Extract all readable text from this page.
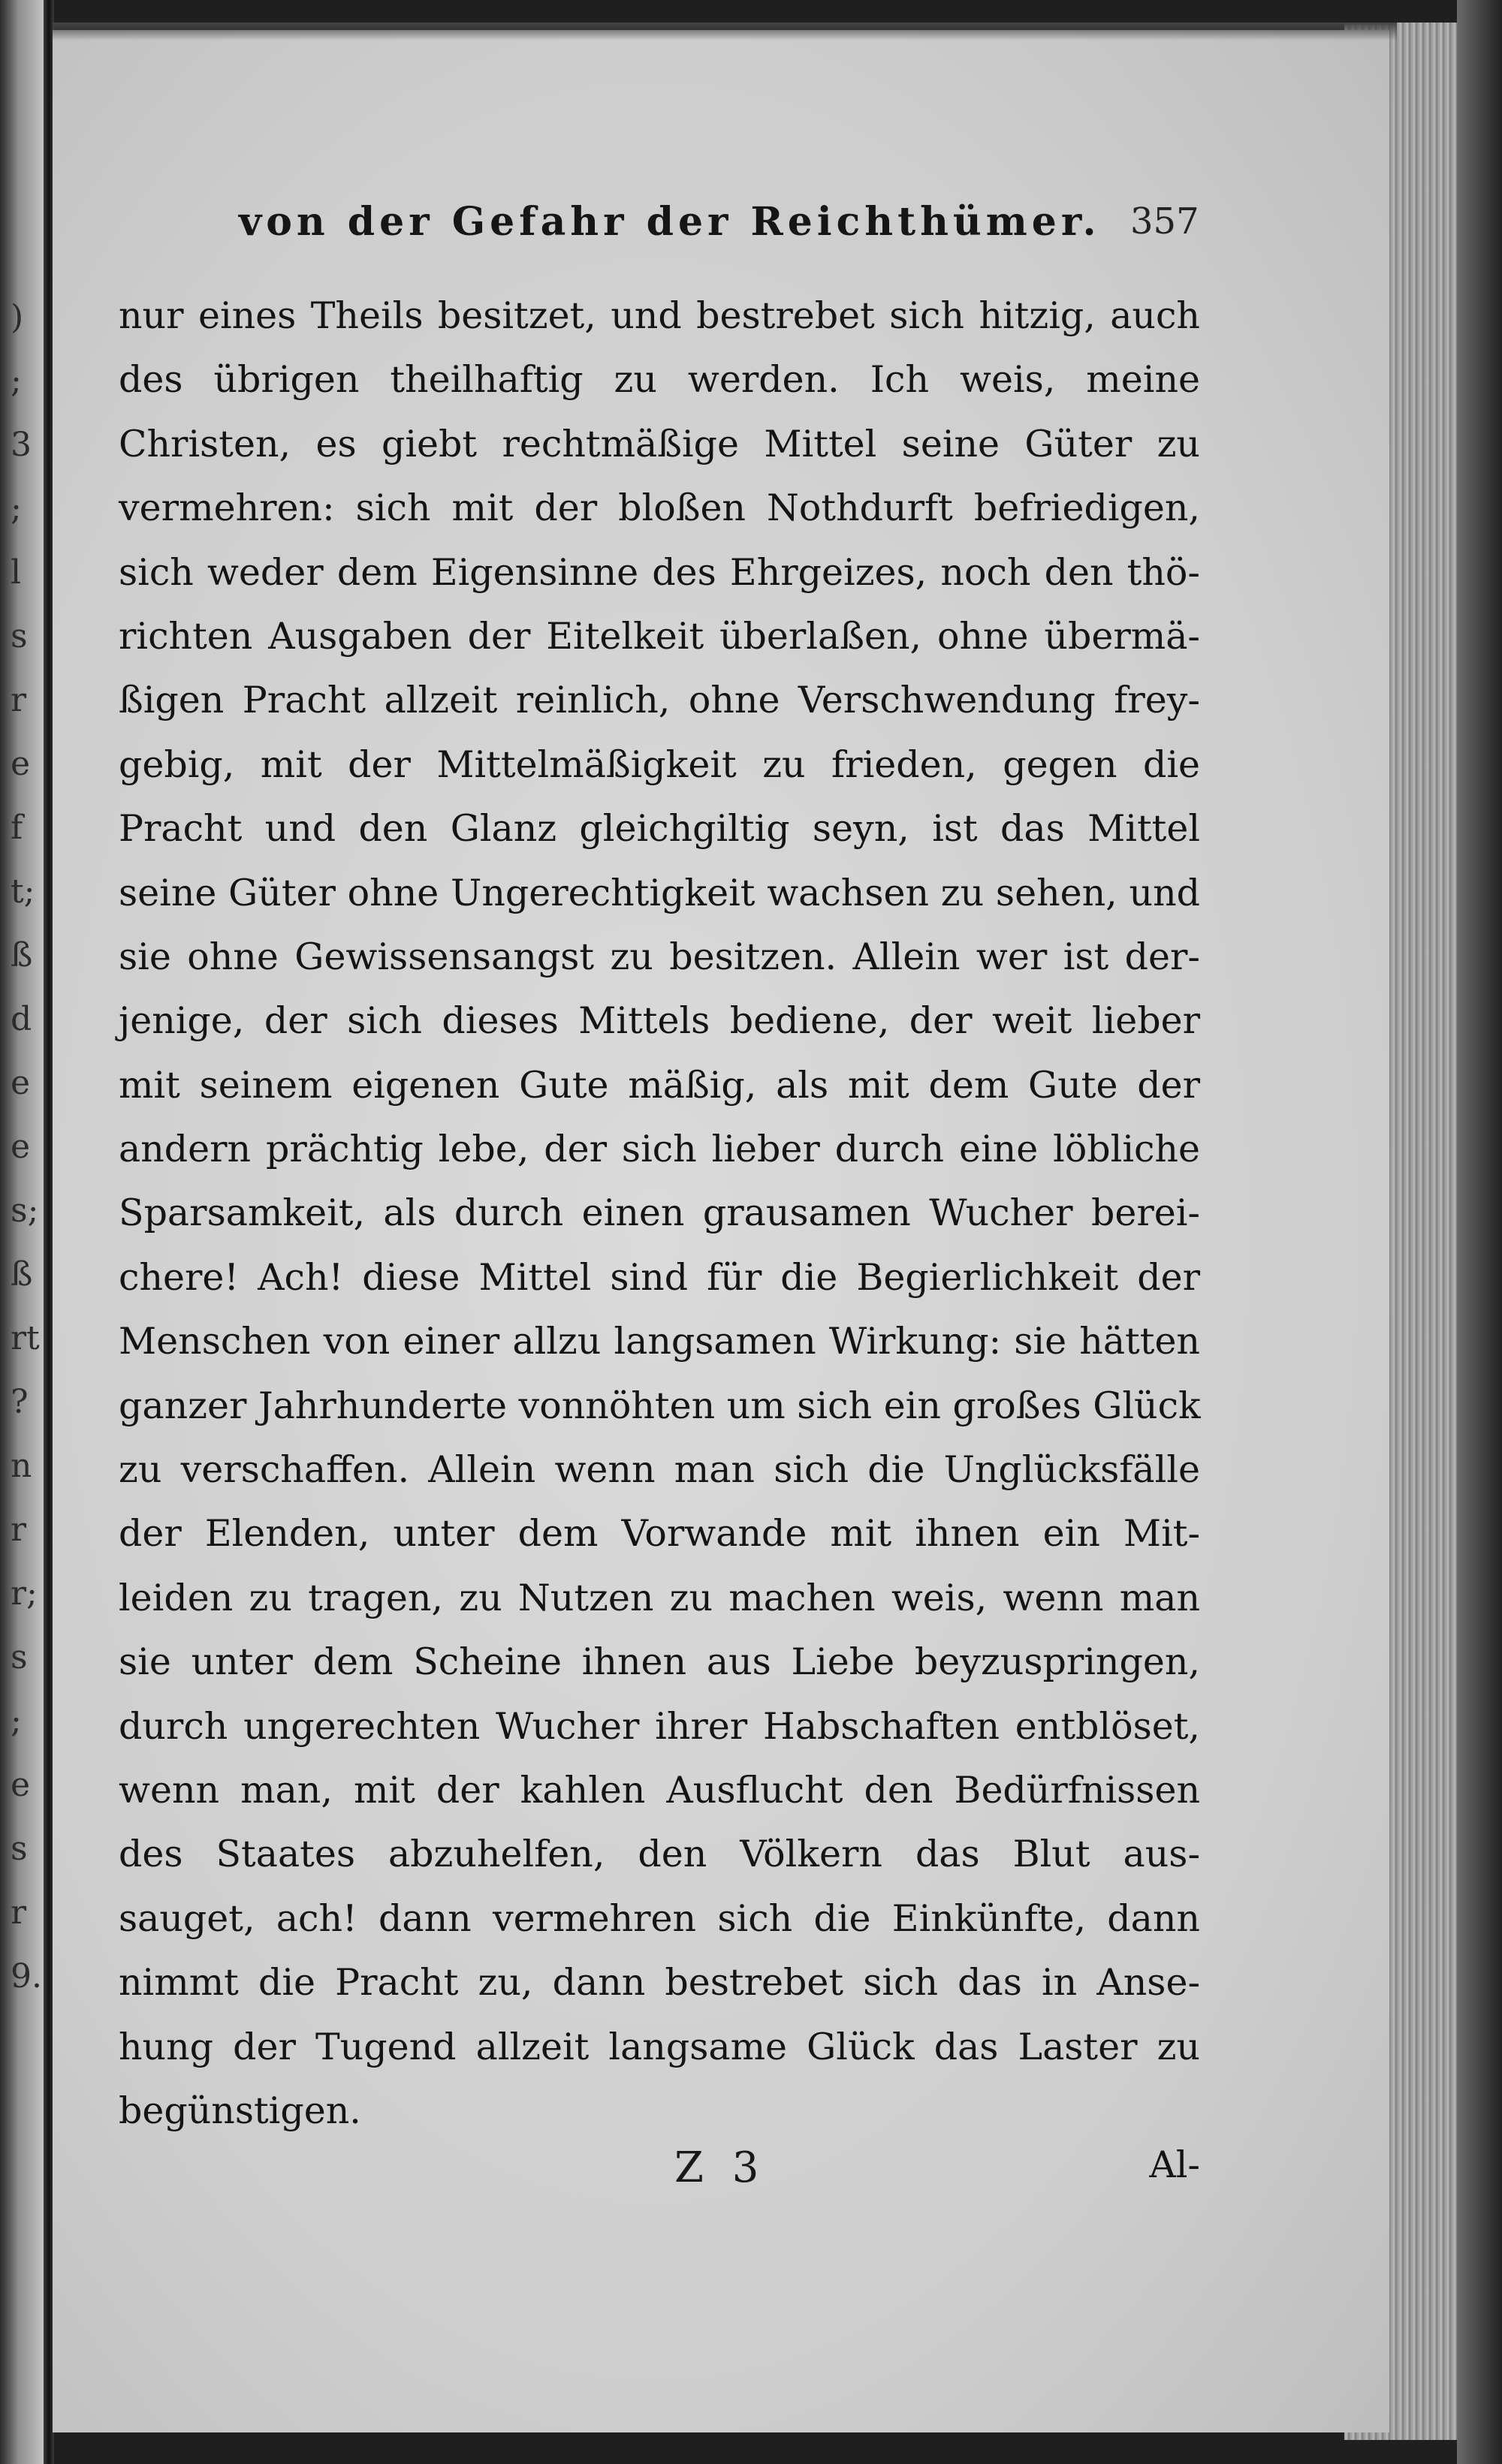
)
;
3
;
l
s
r
e
f
t;
ß
d
e
e
s;
ß
rt
?
n
r
r;
s
;
e
s
r
9.
von der Gefahr der Reichthümer. 357
nur eines Theils besitzet, und bestrebet sich hitzig, auch
des übrigen theilhaftig zu werden. Ich weis, meine
Christen, es giebt rechtmäßige Mittel seine Güter zu
vermehren: sich mit der bloßen Nothdurft befriedigen,
sich weder dem Eigensinne des Ehrgeizes, noch den thö-
richten Ausgaben der Eitelkeit überlaßen, ohne übermä-
ßigen Pracht allzeit reinlich, ohne Verschwendung frey-
gebig, mit der Mittelmäßigkeit zu frieden, gegen die
Pracht und den Glanz gleichgiltig seyn, ist das Mittel
seine Güter ohne Ungerechtigkeit wachsen zu sehen, und
sie ohne Gewissensangst zu besitzen. Allein wer ist der-
jenige, der sich dieses Mittels bediene, der weit lieber
mit seinem eigenen Gute mäßig, als mit dem Gute der
andern prächtig lebe, der sich lieber durch eine löbliche
Sparsamkeit, als durch einen grausamen Wucher berei-
chere! Ach! diese Mittel sind für die Begierlichkeit der
Menschen von einer allzu langsamen Wirkung: sie hätten
ganzer Jahrhunderte vonnöhten um sich ein großes Glück
zu verschaffen. Allein wenn man sich die Unglücksfälle
der Elenden, unter dem Vorwande mit ihnen ein Mit-
leiden zu tragen, zu Nutzen zu machen weis, wenn man
sie unter dem Scheine ihnen aus Liebe beyzuspringen,
durch ungerechten Wucher ihrer Habschaften entblöset,
wenn man, mit der kahlen Ausflucht den Bedürfnissen
des Staates abzuhelfen, den Völkern das Blut aus-
sauget, ach! dann vermehren sich die Einkünfte, dann
nimmt die Pracht zu, dann bestrebet sich das in Anse-
hung der Tugend allzeit langsame Glück das Laster zu
begünstigen.
Z 3	Al-
